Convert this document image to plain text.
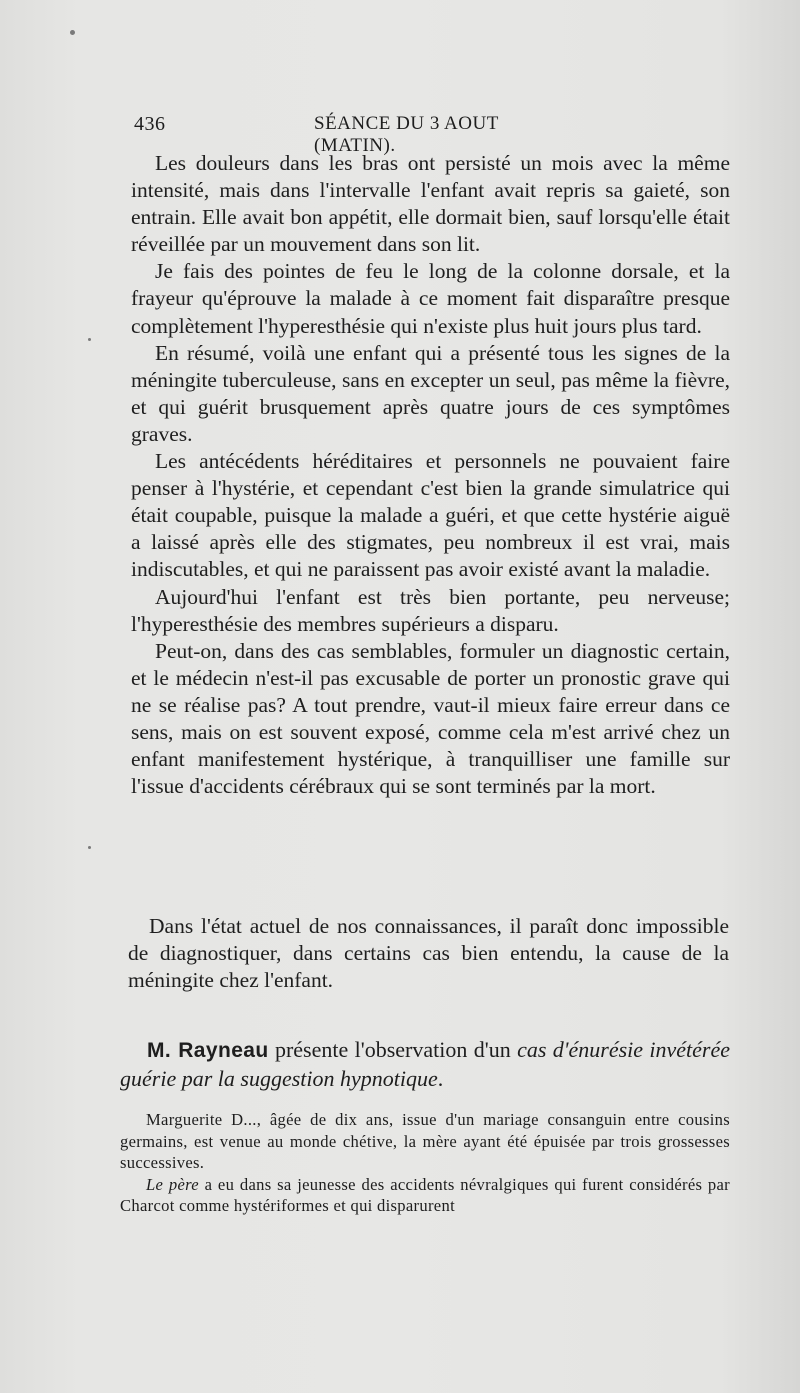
436	SÉANCE DU 3 AOUT (MATIN).

Les douleurs dans les bras ont persisté un mois avec la même intensité, mais dans l'intervalle l'enfant avait repris sa gaieté, son entrain. Elle avait bon appétit, elle dormait bien, sauf lorsqu'elle était réveillée par un mouvement dans son lit.

Je fais des pointes de feu le long de la colonne dorsale, et la frayeur qu'éprouve la malade à ce moment fait disparaître presque complètement l'hyperesthésie qui n'existe plus huit jours plus tard.

En résumé, voilà une enfant qui a présenté tous les signes de la méningite tuberculeuse, sans en excepter un seul, pas même la fièvre, et qui guérit brusquement après quatre jours de ces symptômes graves.

Les antécédents héréditaires et personnels ne pouvaient faire penser à l'hystérie, et cependant c'est bien la grande simulatrice qui était coupable, puisque la malade a guéri, et que cette hystérie aiguë a laissé après elle des stigmates, peu nombreux il est vrai, mais indiscutables, et qui ne paraissent pas avoir existé avant la maladie.

Aujourd'hui l'enfant est très bien portante, peu nerveuse; l'hyperesthésie des membres supérieurs a disparu.

Peut-on, dans des cas semblables, formuler un diagnostic certain, et le médecin n'est-il pas excusable de porter un pronostic grave qui ne se réalise pas? A tout prendre, vaut-il mieux faire erreur dans ce sens, mais on est souvent exposé, comme cela m'est arrivé chez un enfant manifestement hystérique, à tranquilliser une famille sur l'issue d'accidents cérébraux qui se sont terminés par la mort.

Dans l'état actuel de nos connaissances, il paraît donc impossible de diagnostiquer, dans certains cas bien entendu, la cause de la méningite chez l'enfant.

M. Rayneau présente l'observation d'un cas d'énurésie invétérée guérie par la suggestion hypnotique.

Marguerite D..., âgée de dix ans, issue d'un mariage consanguin entre cousins germains, est venue au monde chétive, la mère ayant été épuisée par trois grossesses successives.

Le père a eu dans sa jeunesse des accidents névralgiques qui furent considérés par Charcot comme hystériformes et qui disparurent
